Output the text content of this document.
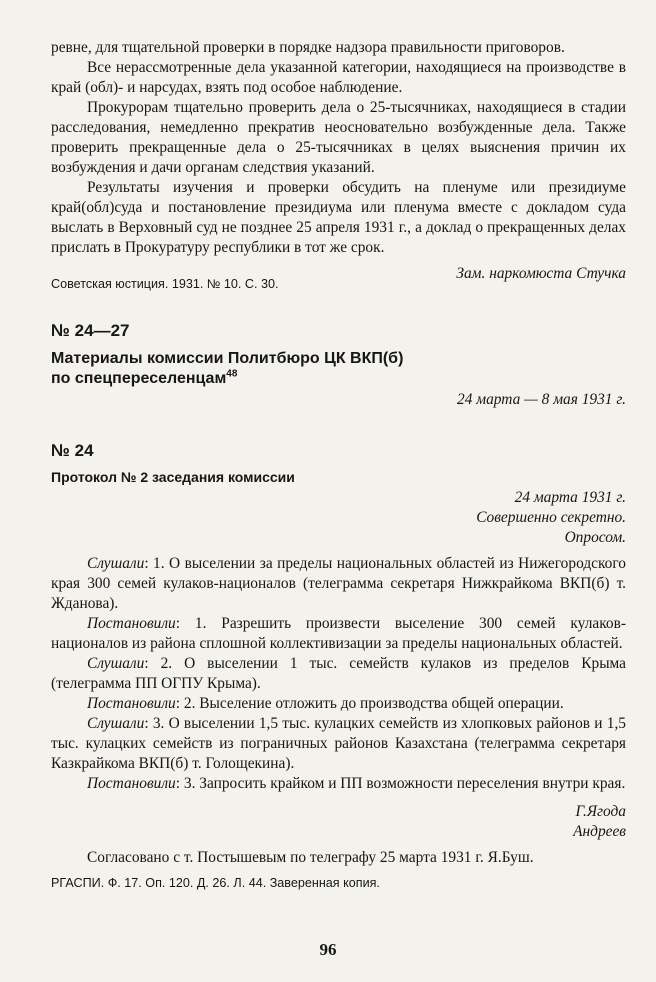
ревне, для тщательной проверки в порядке надзора правильности приговоров.

Все нерассмотренные дела указанной категории, находящиеся на производстве в край (обл)- и нарсудах, взять под особое наблюдение.

Прокурорам тщательно проверить дела о 25-тысячниках, находящиеся в стадии расследования, немедленно прекратив неосновательно возбужденные дела. Также проверить прекращенные дела о 25-тысячниках в целях выяснения причин их возбуждения и дачи органам следствия указаний.

Результаты изучения и проверки обсудить на пленуме или президиуме край(обл)суда и постановление президиума или пленума вместе с докладом суда выслать в Верховный суд не позднее 25 апреля 1931 г., а доклад о прекращенных делах прислать в Прокуратуру республики в тот же срок.

Зам. наркомюста Стучка

Советская юстиция. 1931. № 10. С. 30.
№ 24—27

Материалы комиссии Политбюро ЦК ВКП(б)

по спецпереселенцам$^{48}$

24 марта — 8 мая 1931 г.

№ 24

Протокол № 2 заседания комиссии

24 марта 1931 г.

Совершенно секретно.

Опросом.

Слушали: 1. О выселении за пределы национальных областей из Нижегородского края 300 семей кулаков-националов (телеграмма секретаря Нижкрайкома ВКП(б) т. Жданова).

Постановили: 1. Разрешить произвести выселение 300 семей кулаков-националов из района сплошной коллективизации за пределы национальных областей.

Слушали: 2. О выселении 1 тыс. семейств кулаков из пределов Крыма (телеграмма ПП ОГПУ Крыма).

Постановили: 2. Выселение отложить до производства общей операции.

Слушали: 3. О выселении 1,5 тыс. кулацких семейств из хлопковых районов и 1,5 тыс. кулацких семейств из пограничных районов Казахстана (телеграмма секретаря Казкрайкома ВКП(б) т. Голощекина).

Постановили: 3. Запросить крайком и ПП возможности переселения внутри края.

Г.Ягода

Андреев

Согласовано с т. Постышевым по телеграфу 25 марта 1931 г. Я.Буш.

РГАСПИ. Ф. 17. Оп. 120. Д. 26. Л. 44. Заверенная копия.

96
